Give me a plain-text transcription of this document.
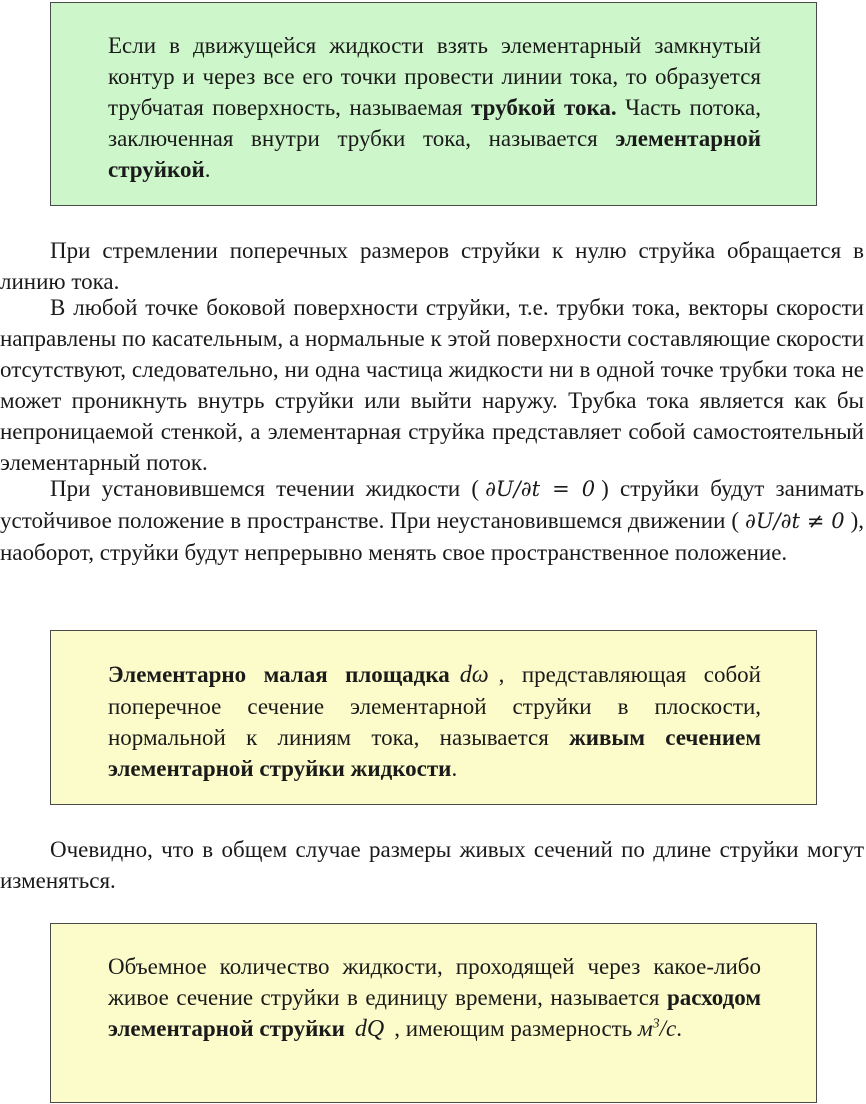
Если в движущейся жидкости взять элементарный замкнутый контур и через все его точки провести линии тока, то образуется трубчатая поверхность, называемая трубкой тока. Часть потока, заключенная внутри трубки тока, называется элементарной струйкой.

При стремлении поперечных размеров струйки к нулю струйка обращается в линию тока.

В любой точке боковой поверхности струйки, т.е. трубки тока, векторы скорости направлены по касательным, а нормальные к этой поверхности составляющие скорости отсутствуют, следовательно, ни одна частица жидкости ни в одной точке трубки тока не может проникнуть внутрь струйки или выйти наружу. Трубка тока является как бы непроницаемой стенкой, а элементарная струйка представляет собой самостоятельный элементарный поток.

При установившемся течении жидкости ( ∂U/∂t = 0 ) струйки будут занимать устойчивое положение в пространстве. При неустановившемся движении ( ∂U/∂t ≠ 0 ), наоборот, струйки будут непрерывно менять свое пространственное положение.

Элементарно малая площадка dω , представляющая собой поперечное сечение элементарной струйки в плоскости, нормальной к линиям тока, называется живым сечением элементарной струйки жидкости.

Очевидно, что в общем случае размеры живых сечений по длине струйки могут изменяться.

Объемное количество жидкости, проходящей через какое-либо живое сечение струйки в единицу времени, называется расходом элементарной струйки dQ , имеющим размерность $м^3/с$.
